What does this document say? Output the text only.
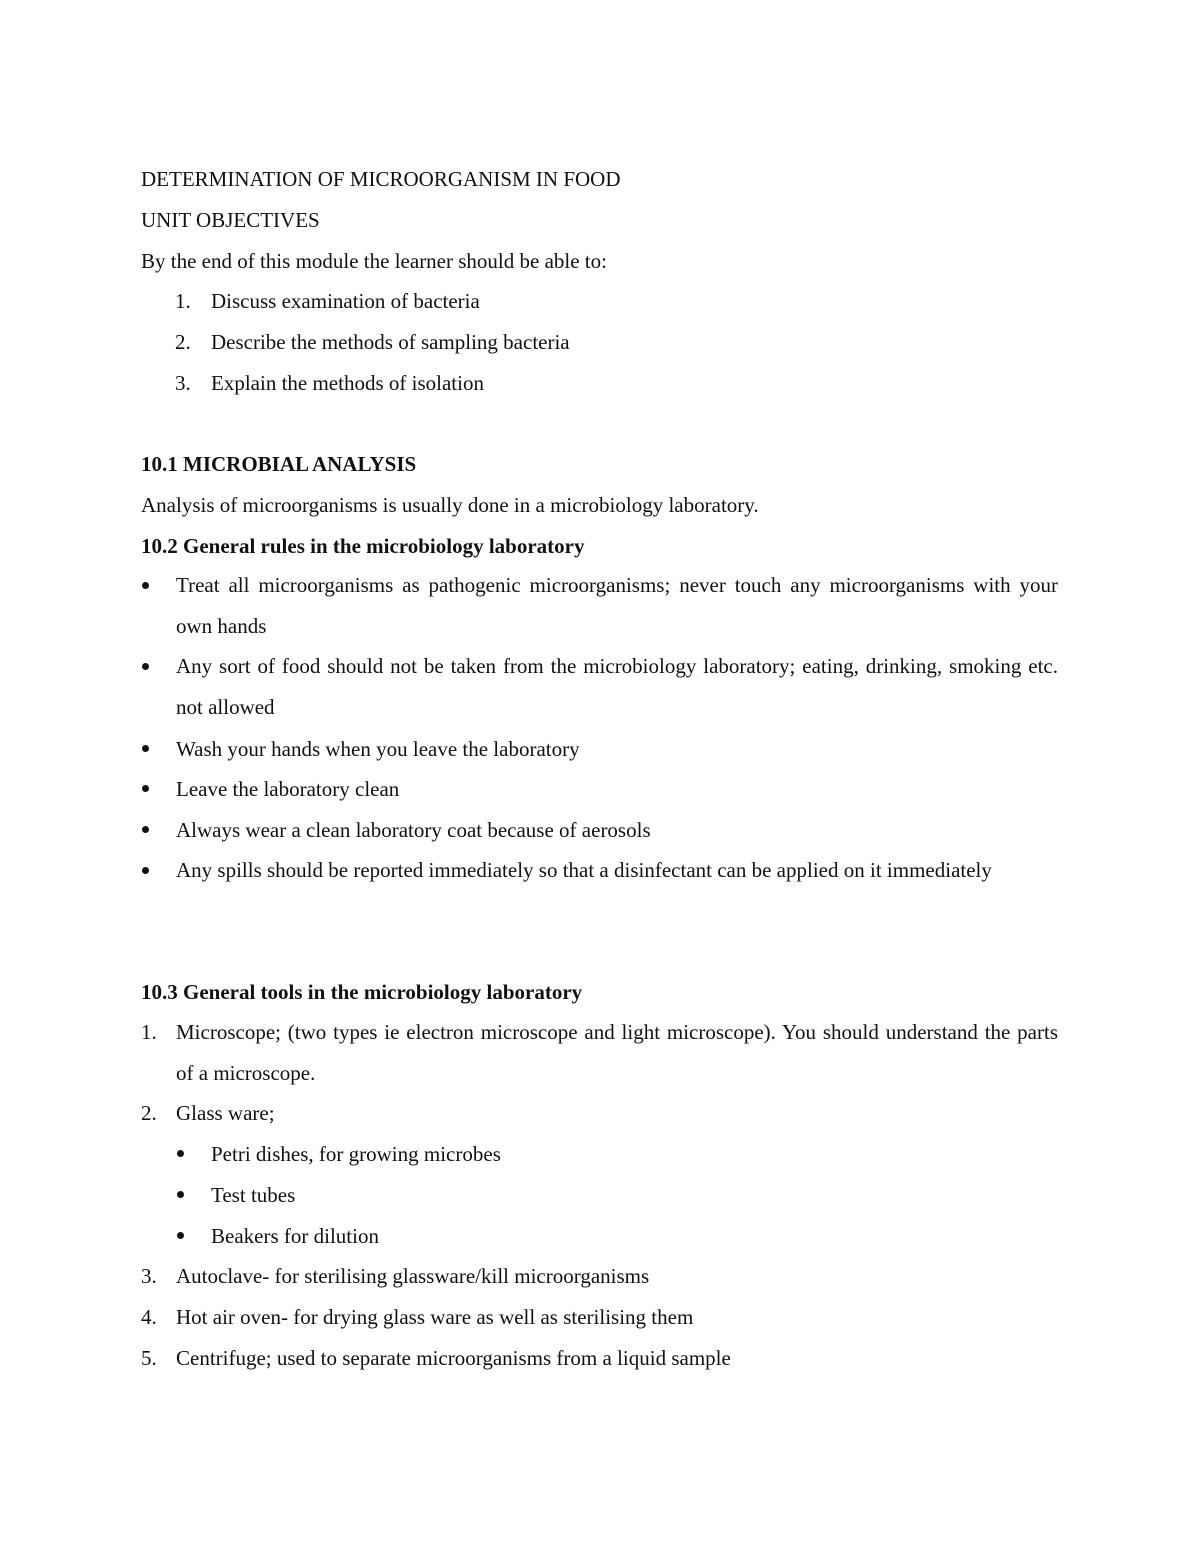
DETERMINATION OF MICROORGANISM IN FOOD
UNIT OBJECTIVES
By the end of this module the learner should be able to:
1. Discuss examination of bacteria
2. Describe the methods of sampling bacteria
3. Explain the methods of isolation
10.1 MICROBIAL ANALYSIS
Analysis of microorganisms is usually done in a microbiology laboratory.
10.2 General rules in the microbiology laboratory
Treat all microorganisms as pathogenic microorganisms; never touch any microorganisms with your own hands
Any sort of food should not be taken from the microbiology laboratory; eating, drinking, smoking etc. not allowed
Wash your hands when you leave the laboratory
Leave the laboratory clean
Always wear a clean laboratory coat because of aerosols
Any spills should be reported immediately so that a disinfectant can be applied on it immediately
10.3 General tools in the microbiology laboratory
1. Microscope; (two types ie electron microscope and light microscope). You should understand the parts of a microscope.
2. Glass ware;
Petri dishes, for growing microbes
Test tubes
Beakers for dilution
3. Autoclave- for sterilising glassware/kill microorganisms
4. Hot air oven- for drying glass ware as well as sterilising them
5. Centrifuge; used to separate microorganisms from a liquid sample
